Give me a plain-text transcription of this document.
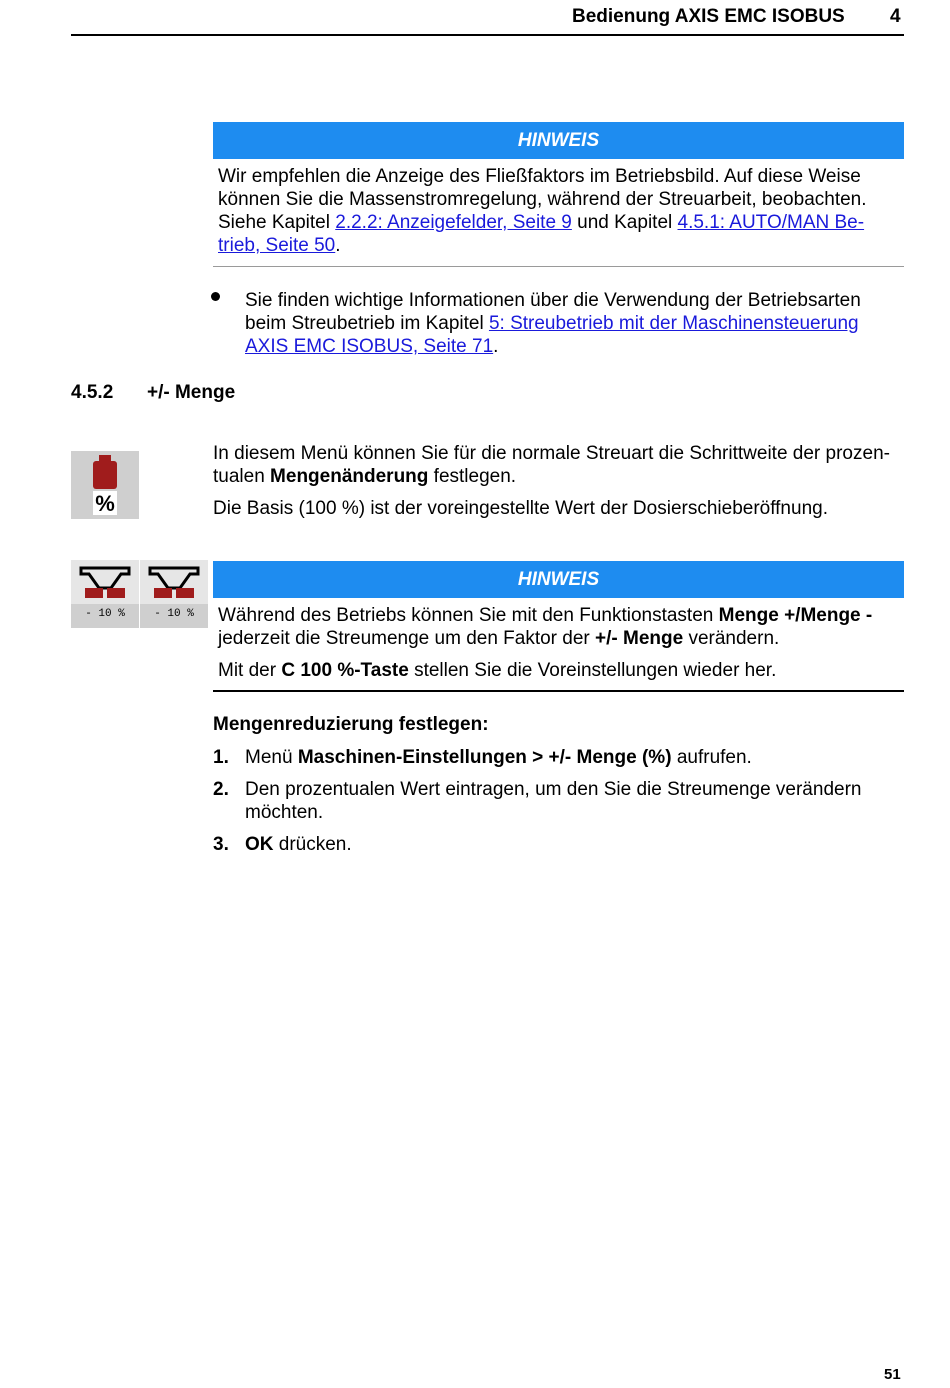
Bedienung AXIS EMC ISOBUS 4
HINWEIS
Wir empfehlen die Anzeige des Fließfaktors im Betriebsbild. Auf diese Weise können Sie die Massenstromregelung, während der Streuarbeit, beobachten. Siehe Kapitel 2.2.2: Anzeigefelder, Seite 9 und Kapitel 4.5.1: AUTO/MAN Be-trieb, Seite 50.
Sie finden wichtige Informationen über die Verwendung der Betriebsarten beim Streubetrieb im Kapitel 5: Streubetrieb mit der Maschinensteuerung AXIS EMC ISOBUS, Seite 71.
4.5.2 +/- Menge
%
In diesem Menü können Sie für die normale Streuart die Schrittweite der prozen-tualen Mengenänderung festlegen.
Die Basis (100 %) ist der voreingestellte Wert der Dosierschieberöffnung.
- 10 %	- 10 %
HINWEIS
Während des Betriebs können Sie mit den Funktionstasten Menge +/Menge - jederzeit die Streumenge um den Faktor der +/- Menge verändern.
Mit der C 100 %-Taste stellen Sie die Voreinstellungen wieder her.
Mengenreduzierung festlegen:
1. Menü Maschinen-Einstellungen > +/- Menge (%) aufrufen.
2. Den prozentualen Wert eintragen, um den Sie die Streumenge verändern möchten.
3. OK drücken.
51
